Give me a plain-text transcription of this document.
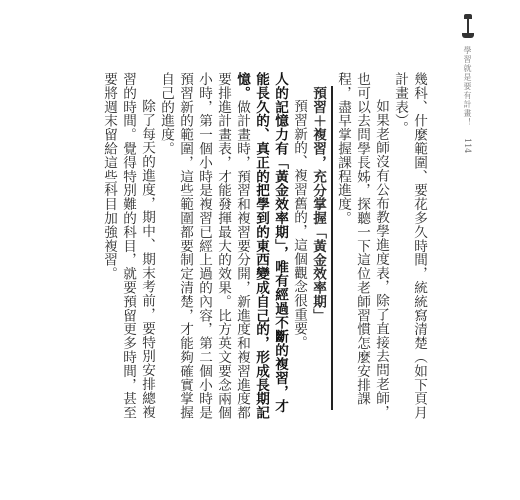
學習就是要有計畫！
114

幾科、什麼範圍、要花多久時間，統統寫清楚（如下頁月計畫表）。

如果老師沒有公布教學進度表，除了直接去問老師，也可以去問學長姊，探聽一下這位老師習慣怎麼安排課程，盡早掌握課程進度。

預習＋複習，充分掌握「黃金效率期」

預習新的、複習舊的，這個觀念很重要。

人的記憶力有「黃金效率期」，唯有經過不斷的複習，才能長久的、真正的把學到的東西變成自己的，形成長期記憶。做計畫時，預習和複習要分開，新進度和複習進度都要排進計畫表，才能發揮最大的效果。比方英文要念兩個小時，第一個小時是複習已經上過的內容，第二個小時是預習新的範圍，這些範圍都要制定清楚，才能夠確實掌握自己的進度。

除了每天的進度，期中、期末考前，要特別安排總複習的時間。覺得特別難的科目，就要預留更多時間，甚至要將週末留給這些科目加強複習。
